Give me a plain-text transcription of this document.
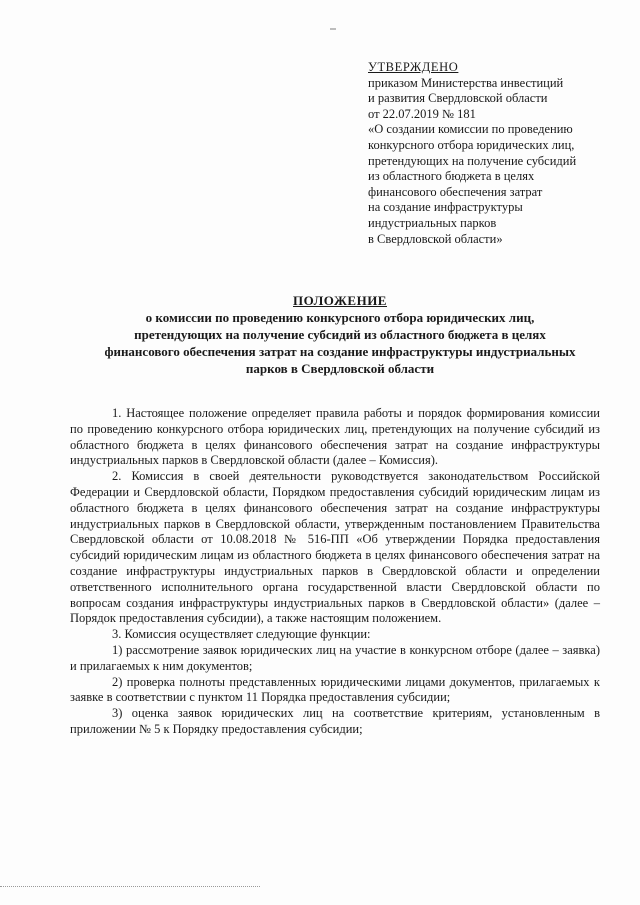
УТВЕРЖДЕНО
приказом Министерства инвестиций
и развития Свердловской области
от 22.07.2019 № 181
«О создании комиссии по проведению
конкурсного отбора юридических лиц,
претендующих на получение субсидий
из областного бюджета в целях
финансового обеспечения затрат
на создание инфраструктуры
индустриальных парков
в Свердловской области»
ПОЛОЖЕНИЕ
о комиссии по проведению конкурсного отбора юридических лиц,
претендующих на получение субсидий из областного бюджета в целях
финансового обеспечения затрат на создание инфраструктуры индустриальных
парков в Свердловской области

1. Настоящее положение определяет правила работы и порядок формирования комиссии по проведению конкурсного отбора юридических лиц, претендующих на получение субсидий из областного бюджета в целях финансового обеспечения затрат на создание инфраструктуры индустриальных парков в Свердловской области (далее – Комиссия).

2. Комиссия в своей деятельности руководствуется законодательством Российской Федерации и Свердловской области, Порядком предоставления субсидий юридическим лицам из областного бюджета в целях финансового обеспечения затрат на создание инфраструктуры индустриальных парков в Свердловской области, утвержденным постановлением Правительства Свердловской области от 10.08.2018 № 516-ПП «Об утверждении Порядка предоставления субсидий юридическим лицам из областного бюджета в целях финансового обеспечения затрат на создание инфраструктуры индустриальных парков в Свердловской области и определении ответственного исполнительного органа государственной власти Свердловской области по вопросам создания инфраструктуры индустриальных парков в Свердловской области» (далее – Порядок предоставления субсидии), а также настоящим положением.

3. Комиссия осуществляет следующие функции:

1) рассмотрение заявок юридических лиц на участие в конкурсном отборе (далее – заявка) и прилагаемых к ним документов;

2) проверка полноты представленных юридическими лицами документов, прилагаемых к заявке в соответствии с пунктом 11 Порядка предоставления субсидии;

3) оценка заявок юридических лиц на соответствие критериям, установленным в приложении № 5 к Порядку предоставления субсидии;
